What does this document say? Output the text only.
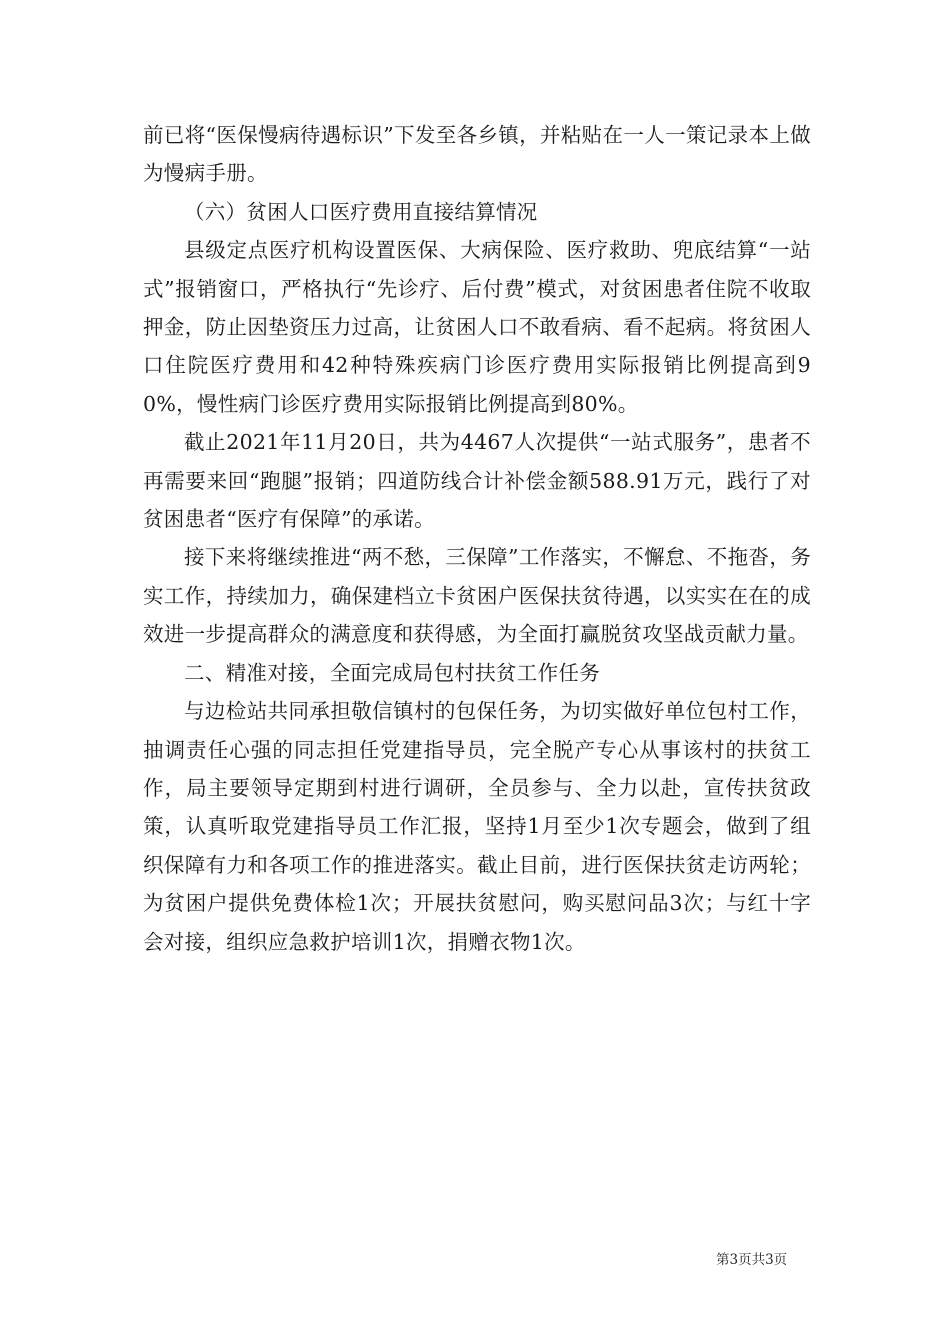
前已将“医保慢病待遇标识”下发至各乡镇，并粘贴在一人一策记录本上做为慢病手册。

（六）贫困人口医疗费用直接结算情况

县级定点医疗机构设置医保、大病保险、医疗救助、兜底结算“一站式”报销窗口，严格执行“先诊疗、后付费”模式，对贫困患者住院不收取押金，防止因垫资压力过高，让贫困人口不敢看病、看不起病。将贫困人口住院医疗费用和42种特殊疾病门诊医疗费用实际报销比例提高到90%，慢性病门诊医疗费用实际报销比例提高到80%。

截止2021年11月20日，共为4467人次提供“一站式服务”，患者不再需要来回“跑腿”报销；四道防线合计补偿金额588.91万元，践行了对贫困患者“医疗有保障”的承诺。

接下来将继续推进“两不愁，三保障”工作落实，不懈怠、不拖沓，务实工作，持续加力，确保建档立卡贫困户医保扶贫待遇，以实实在在的成效进一步提高群众的满意度和获得感，为全面打赢脱贫攻坚战贡献力量。

二、精准对接，全面完成局包村扶贫工作任务

与边检站共同承担敬信镇村的包保任务，为切实做好单位包村工作，抽调责任心强的同志担任党建指导员，完全脱产专心从事该村的扶贫工作，局主要领导定期到村进行调研，全员参与、全力以赴，宣传扶贫政策，认真听取党建指导员工作汇报，坚持1月至少1次专题会，做到了组织保障有力和各项工作的推进落实。截止目前，进行医保扶贫走访两轮；为贫困户提供免费体检1次；开展扶贫慰问，购买慰问品3次；与红十字会对接，组织应急救护培训1次，捐赠衣物1次。

第3页共3页
